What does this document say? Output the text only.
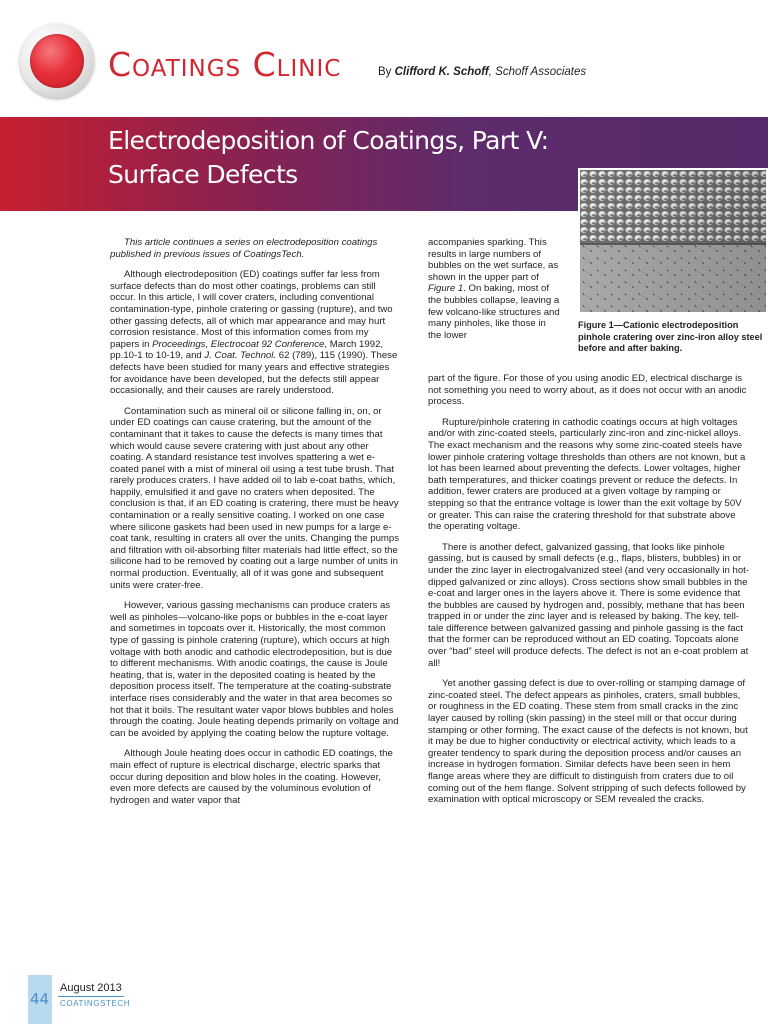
Coatings Clinic	By Clifford K. Schoff, Schoff Associates
Electrodeposition of Coatings, Part V:
Surface Defects
Figure 1—Cationic electrodeposition pinhole cratering over zinc-iron alloy steel before and after baking.

This article continues a series on electrodeposition coatings published in previous issues of CoatingsTech.

Although electrodeposition (ED) coatings suffer far less from surface defects than do most other coatings, problems can still occur. In this article, I will cover craters, including conventional contamination-type, pinhole cratering or gassing (rupture), and two other gassing defects, all of which mar appearance and may hurt corrosion resistance. Most of this information comes from my papers in Proceedings, Electrocoat 92 Conference, March 1992, pp.10-1 to 10-19, and J. Coat. Technol. 62 (789), 115 (1990). These defects have been studied for many years and effective strategies for avoidance have been developed, but the defects still appear occasionally, and their causes are rarely understood.

Contamination such as mineral oil or silicone falling in, on, or under ED coatings can cause cratering, but the amount of the contaminant that it takes to cause the defects is many times that which would cause severe cratering with just about any other coating. A standard resistance test involves spattering a wet e-coated panel with a mist of mineral oil using a test tube brush. That rarely produces craters. I have added oil to lab e-coat baths, which, happily, emulsified it and gave no craters when deposited. The conclusion is that, if an ED coating is cratering, there must be heavy contamination or a really sensitive coating. I worked on one case where silicone gaskets had been used in new pumps for a large e-coat tank, resulting in craters all over the units. Changing the pumps and filtration with oil-absorbing filter materials had little effect, so the silicone had to be removed by coating out a large number of units in normal production. Eventually, all of it was gone and subsequent units were crater-free.

However, various gassing mechanisms can produce craters as well as pinholes—volcano-like pops or bubbles in the e-coat layer and sometimes in topcoats over it. Historically, the most common type of gassing is pinhole cratering (rupture), which occurs at high voltage with both anodic and cathodic electrodeposition, but is due to different mechanisms. With anodic coatings, the cause is Joule heating, that is, water in the deposited coating is heated by the deposition process itself. The temperature at the coating-substrate interface rises considerably and the water in that area becomes so hot that it boils. The resultant water vapor blows bubbles and holes through the coating. Joule heating depends primarily on voltage and can be avoided by applying the coating below the rupture voltage.

Although Joule heating does occur in cathodic ED coatings, the main effect of rupture is electrical discharge, electric sparks that occur during deposition and blow holes in the coating. However, even more defects are caused by the voluminous evolution of hydrogen and water vapor that

accompanies sparking. This results in large numbers of bubbles on the wet surface, as shown in the upper part of Figure 1. On baking, most of the bubbles collapse, leaving a few volcano-like structures and many pinholes, like those in the lower

part of the figure. For those of you using anodic ED, electrical discharge is not something you need to worry about, as it does not occur with an anodic process.

Rupture/pinhole cratering in cathodic coatings occurs at high voltages and/or with zinc-coated steels, particularly zinc-iron and zinc-nickel alloys. The exact mechanism and the reasons why some zinc-coated steels have lower pinhole cratering voltage thresholds than others are not known, but a lot has been learned about preventing the defects. Lower voltages, higher bath temperatures, and thicker coatings prevent or reduce the defects. In addition, fewer craters are produced at a given voltage by ramping or stepping so that the entrance voltage is lower than the exit voltage by 50V or greater. This can raise the cratering threshold for that substrate above the operating voltage.

There is another defect, galvanized gassing, that looks like pinhole gassing, but is caused by small defects (e.g., flaps, blisters, bubbles) in or under the zinc layer in electrogalvanized steel (and very occasionally in hot-dipped galvanized or zinc alloys). Cross sections show small bubbles in the e-coat and larger ones in the layers above it. There is some evidence that the bubbles are caused by hydrogen and, possibly, methane that has been trapped in or under the zinc layer and is released by baking. The key, tell-tale difference between galvanized gassing and pinhole gassing is the fact that the former can be reproduced without an ED coating. Topcoats alone over “bad” steel will produce defects. The defect is not an e-coat problem at all!

Yet another gassing defect is due to over-rolling or stamping damage of zinc-coated steel. The defect appears as pinholes, craters, small bubbles, or roughness in the ED coating. These stem from small cracks in the zinc layer caused by rolling (skin passing) in the steel mill or that occur during stamping or other forming. The exact cause of the defects is not known, but it may be due to higher conductivity or electrical activity, which leads to a greater tendency to spark during the deposition process and/or causes an increase in hydrogen formation. Similar defects have been seen in hem flange areas where they are difficult to distinguish from craters due to oil coming out of the hem flange. Solvent stripping of such defects followed by examination with optical microscopy or SEM revealed the cracks.

44
August 2013
COATINGSTECH
